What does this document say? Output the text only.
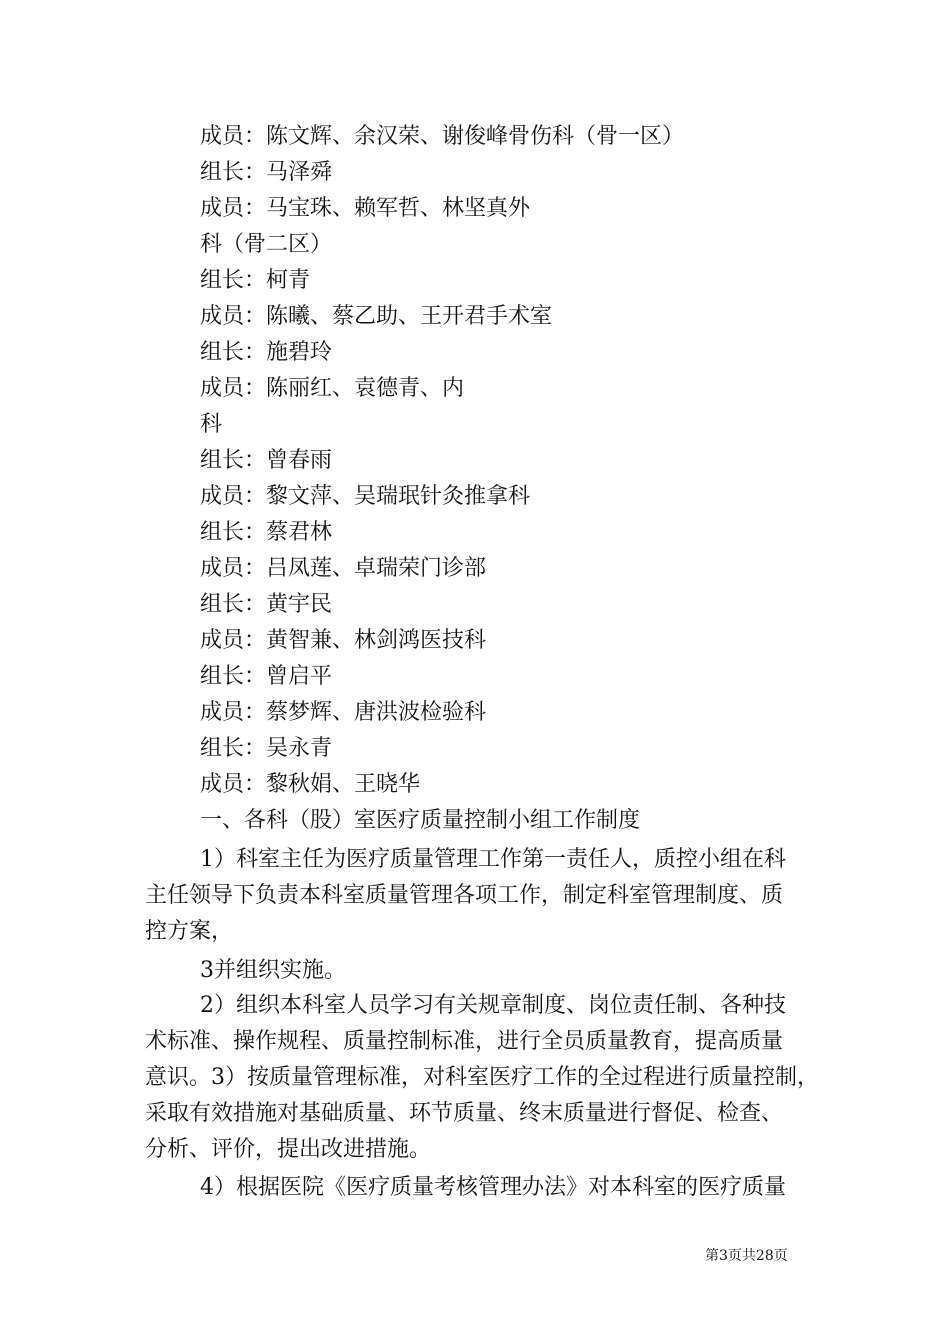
成员：陈文辉、余汉荣、谢俊峰骨伤科（骨一区）
组长：马泽舜
成员：马宝珠、赖军哲、林坚真外
科（骨二区）
组长：柯青
成员：陈曦、蔡乙助、王开君手术室
组长：施碧玲
成员：陈丽红、袁德青、内
科
组长：曾春雨
成员：黎文萍、吴瑞珉针灸推拿科
组长：蔡君林
成员：吕凤莲、卓瑞荣门诊部
组长：黄宇民
成员：黄智兼、林剑鸿医技科
组长：曾启平
成员：蔡梦辉、唐洪波检验科
组长：吴永青
成员：黎秋娟、王晓华
一、各科（股）室医疗质量控制小组工作制度
1）科室主任为医疗质量管理工作第一责任人，质控小组在科
主任领导下负责本科室质量管理各项工作，制定科室管理制度、质
控方案，
3并组织实施。
2）组织本科室人员学习有关规章制度、岗位责任制、各种技
术标准、操作规程、质量控制标准，进行全员质量教育，提高质量
意识。3）按质量管理标准，对科室医疗工作的全过程进行质量控制，
采取有效措施对基础质量、环节质量、终末质量进行督促、检查、
分析、评价，提出改进措施。
4）根据医院《医疗质量考核管理办法》对本科室的医疗质量
第3页共28页
